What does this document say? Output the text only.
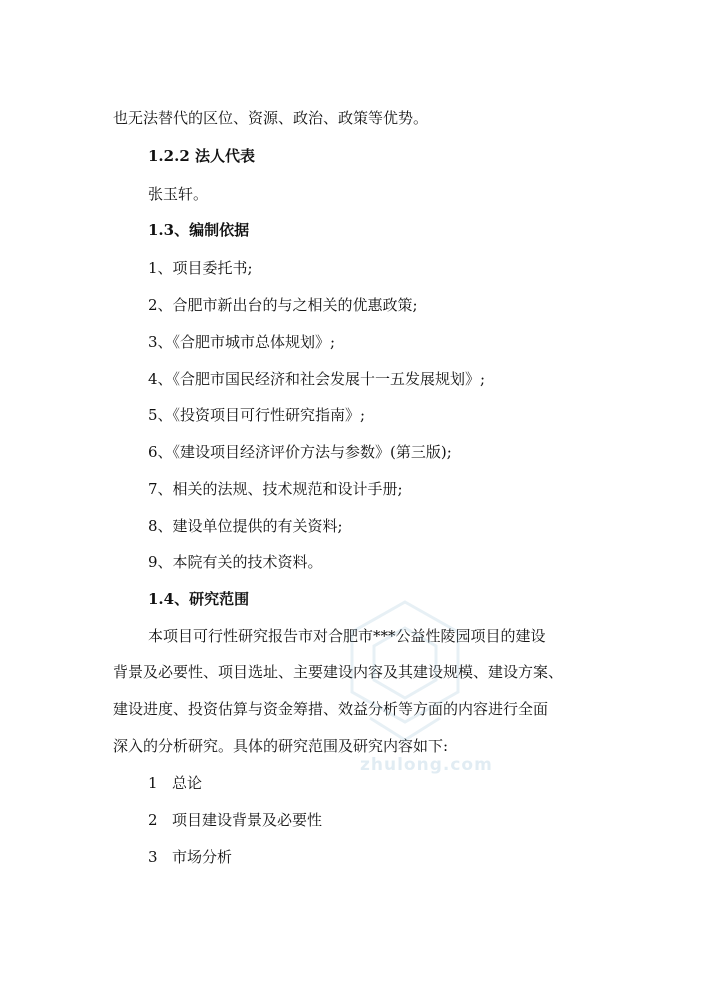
也无法替代的区位、资源、政治、政策等优势。
1.2.2 法人代表
张玉轩。
1.3、编制依据
1、项目委托书;
2、合肥市新出台的与之相关的优惠政策;
3、《合肥市城市总体规划》;
4、《合肥市国民经济和社会发展十一五发展规划》;
5、《投资项目可行性研究指南》;
6、《建设项目经济评价方法与参数》(第三版);
7、相关的法规、技术规范和设计手册;
8、建设单位提供的有关资料;
9、本院有关的技术资料。
1.4、研究范围
本项目可行性研究报告市对合肥市***公益性陵园项目的建设
背景及必要性、项目选址、主要建设内容及其建设规模、建设方案、
建设进度、投资估算与资金筹措、效益分析等方面的内容进行全面
深入的分析研究。具体的研究范围及研究内容如下:
1 总论
2 项目建设背景及必要性
3 市场分析
zhulong.com
